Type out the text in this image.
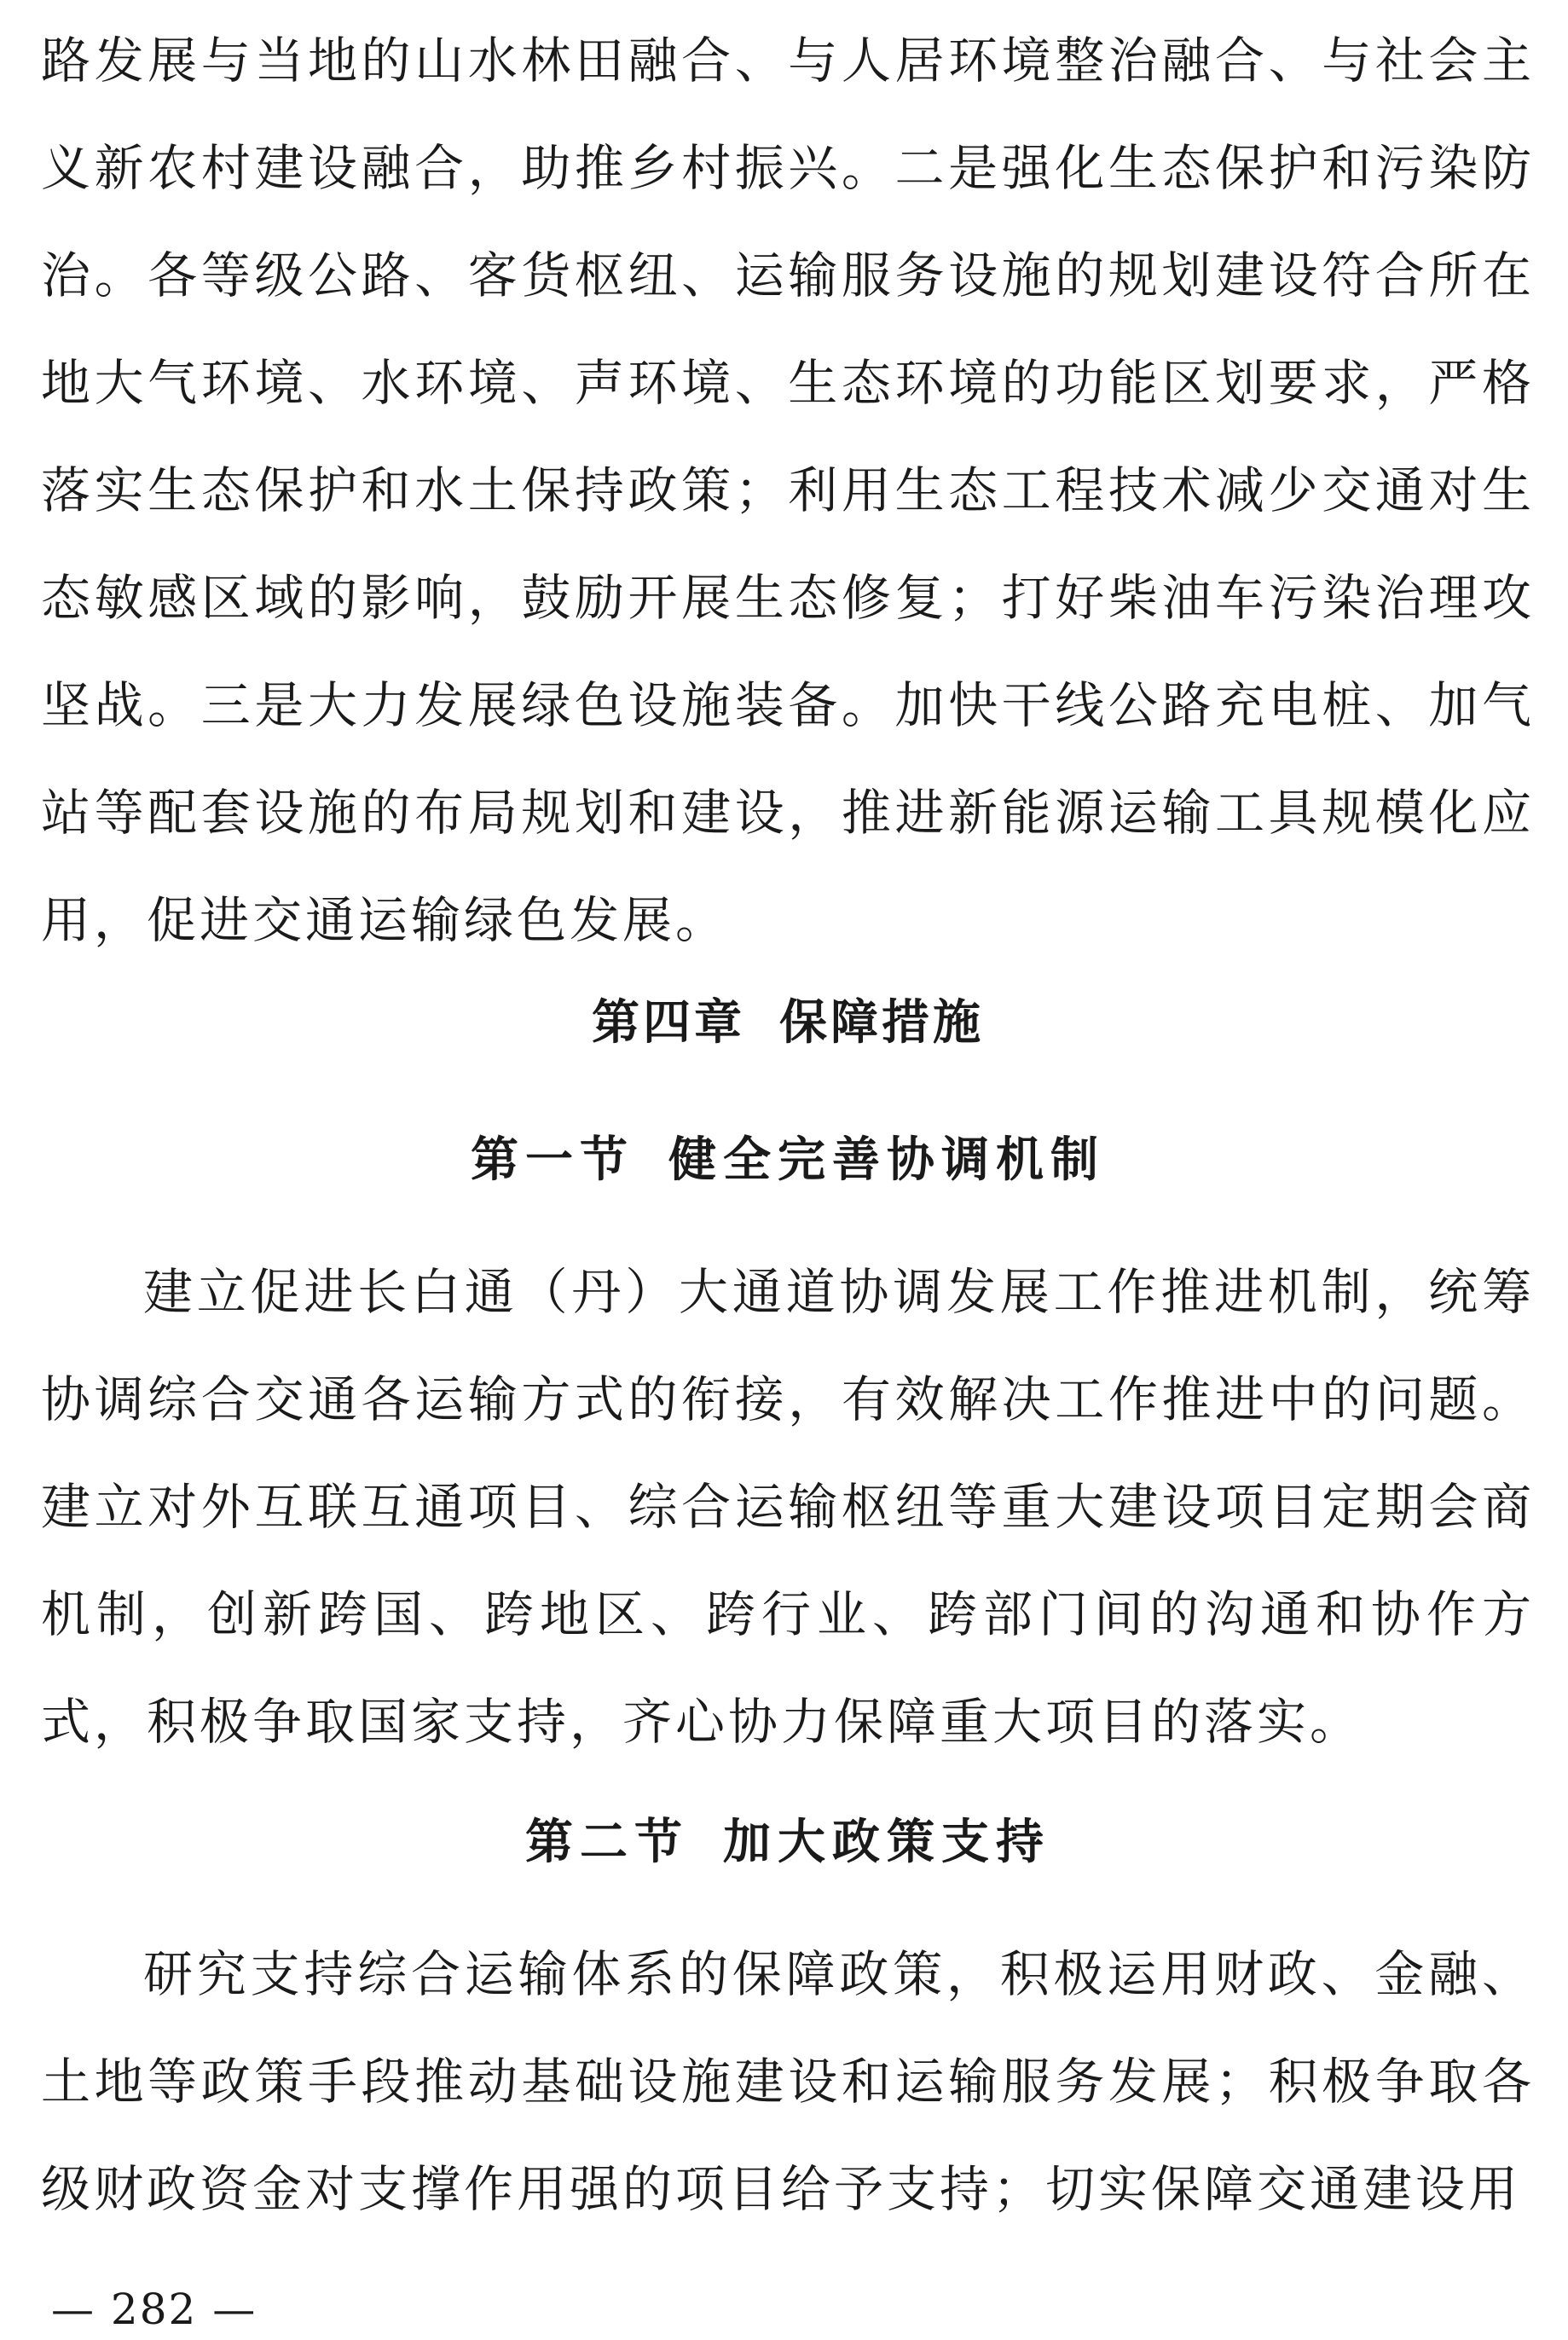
路发展与当地的山水林田融合、与人居环境整治融合、与社会主义新农村建设融合，助推乡村振兴。二是强化生态保护和污染防治。各等级公路、客货枢纽、运输服务设施的规划建设符合所在地大气环境、水环境、声环境、生态环境的功能区划要求，严格落实生态保护和水土保持政策；利用生态工程技术减少交通对生态敏感区域的影响，鼓励开展生态修复；打好柴油车污染治理攻坚战。三是大力发展绿色设施装备。加快干线公路充电桩、加气站等配套设施的布局规划和建设，推进新能源运输工具规模化应用，促进交通运输绿色发展。

第四章 保障措施
第一节 健全完善协调机制

建立促进长白通（丹）大通道协调发展工作推进机制，统筹协调综合交通各运输方式的衔接，有效解决工作推进中的问题。建立对外互联互通项目、综合运输枢纽等重大建设项目定期会商机制，创新跨国、跨地区、跨行业、跨部门间的沟通和协作方式，积极争取国家支持，齐心协力保障重大项目的落实。

第二节 加大政策支持

研究支持综合运输体系的保障政策，积极运用财政、金融、土地等政策手段推动基础设施建设和运输服务发展；积极争取各级财政资金对支撑作用强的项目给予支持；切实保障交通建设用

— 282 —
